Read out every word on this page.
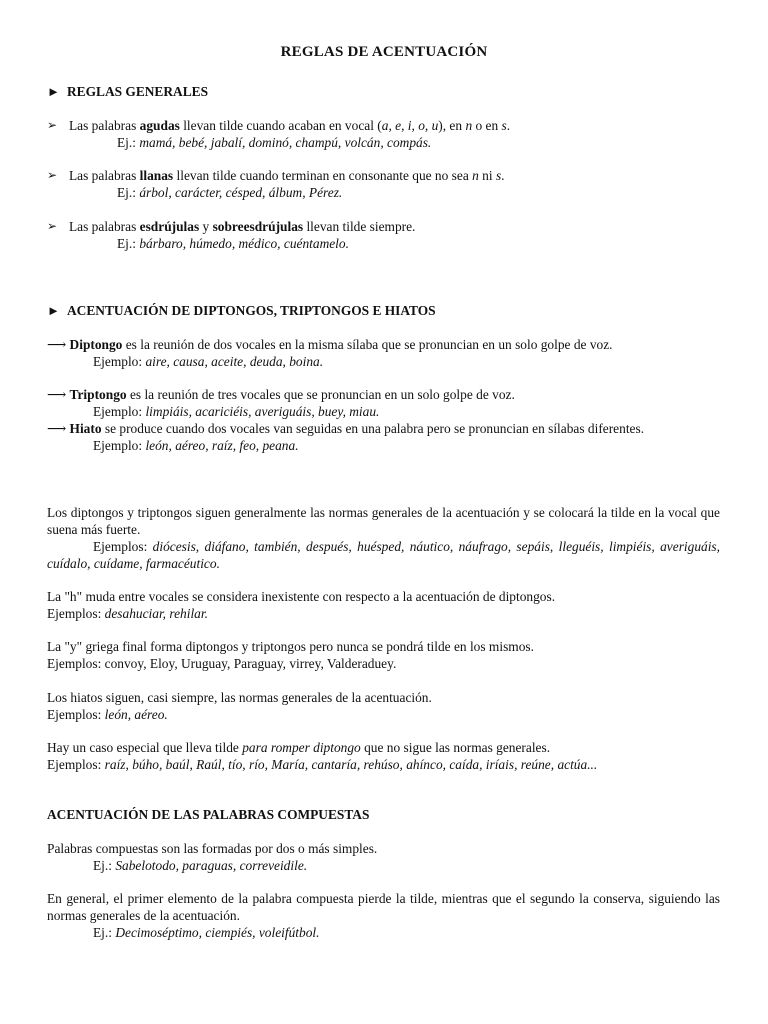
REGLAS DE ACENTUACIÓN
► REGLAS GENERALES
➢ Las palabras agudas llevan tilde cuando acaban en vocal (a, e, i, o, u), en n o en s.
Ej.: mamá, bebé, jabalí, dominó, champú, volcán, compás.
➢ Las palabras llanas llevan tilde cuando terminan en consonante que no sea n ni s.
Ej.: árbol, carácter, césped, álbum, Pérez.
➢ Las palabras esdrújulas y sobreesdrújulas llevan tilde siempre.
Ej.: bárbaro, húmedo, médico, cuéntamelo.
► ACENTUACIÓN DE DIPTONGOS, TRIPTONGOS E HIATOS
⟶ Diptongo es la reunión de dos vocales en la misma sílaba que se pronuncian en un solo golpe de voz.
Ejemplo: aire, causa, aceite, deuda, boina.
⟶ Triptongo es la reunión de tres vocales que se pronuncian en un solo golpe de voz.
Ejemplo: limpiáis, acariciéis, averiguáis, buey, miau.
⟶ Hiato se produce cuando dos vocales van seguidas en una palabra pero se pronuncian en sílabas diferentes.
Ejemplo: león, aéreo, raíz, feo, peana.
Los diptongos y triptongos siguen generalmente las normas generales de la acentuación y se colocará la tilde en la vocal que suena más fuerte.
Ejemplos: diócesis, diáfano, también, después, huésped, náutico, náufrago, sepáis, lleguéis, limpiéis, averiguáis, cuídalo, cuídame, farmacéutico.
La "h" muda entre vocales se considera inexistente con respecto a la acentuación de diptongos.
Ejemplos: desahuciar, rehilar.
La "y" griega final forma diptongos y triptongos pero nunca se pondrá tilde en los mismos.
Ejemplos: convoy, Eloy, Uruguay, Paraguay, virrey, Valderaduey.
Los hiatos siguen, casi siempre, las normas generales de la acentuación.
Ejemplos: león, aéreo.
Hay un caso especial que lleva tilde para romper diptongo que no sigue las normas generales.
Ejemplos: raíz, búho, baúl, Raúl, tío, río, María, cantaría, rehúso, ahínco, caída, iríais, reúne, actúa...
ACENTUACIÓN DE LAS PALABRAS COMPUESTAS
Palabras compuestas son las formadas por dos o más simples.
Ej.: Sabelotodo, paraguas, correveidile.
En general, el primer elemento de la palabra compuesta pierde la tilde, mientras que el segundo la conserva, siguiendo las normas generales de la acentuación.
Ej.: Decimoséptimo, ciempiés, voleifútbol.
